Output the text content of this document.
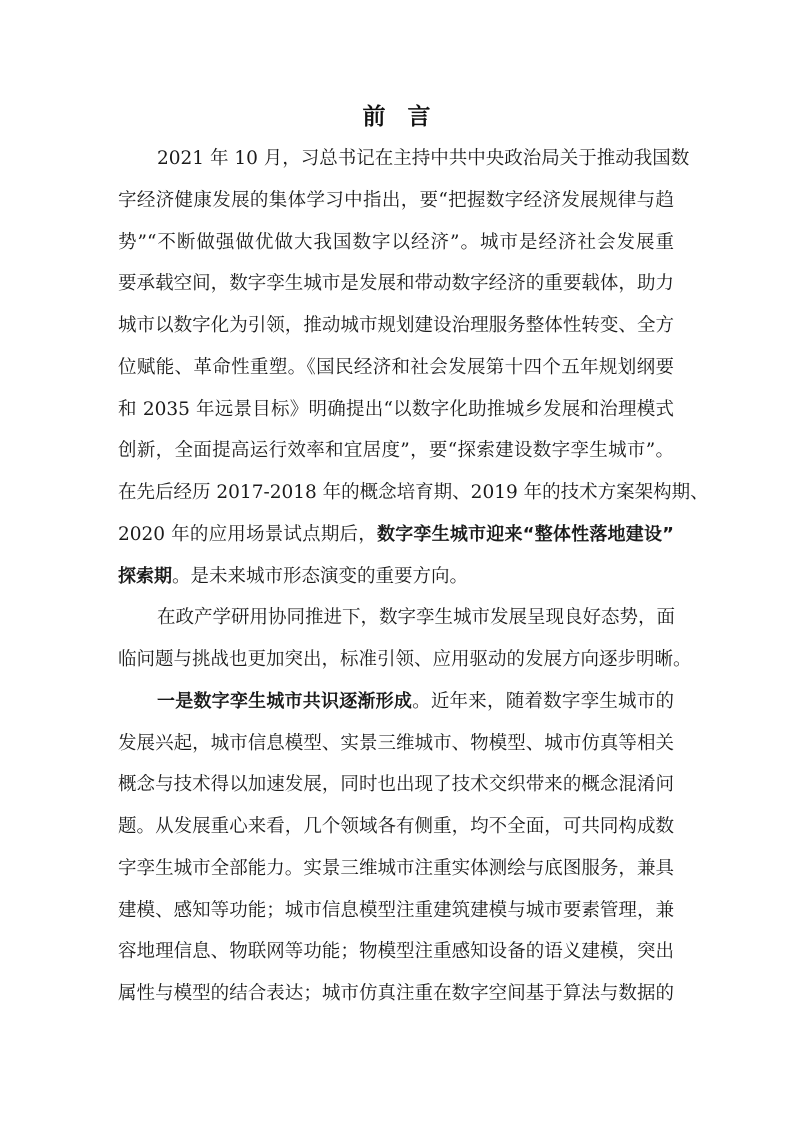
前言
2021 年 10 月，习总书记在主持中共中央政治局关于推动我国数
字经济健康发展的集体学习中指出，要“把握数字经济发展规律与趋
势”“不断做强做优做大我国数字以经济”。城市是经济社会发展重
要承载空间，数字孪生城市是发展和带动数字经济的重要载体，助力
城市以数字化为引领，推动城市规划建设治理服务整体性转变、全方
位赋能、革命性重塑。《国民经济和社会发展第十四个五年规划纲要
和 2035 年远景目标》明确提出“以数字化助推城乡发展和治理模式
创新，全面提高运行效率和宜居度”，要“探索建设数字孪生城市”。
在先后经历 2017-2018 年的概念培育期、2019 年的技术方案架构期、
2020 年的应用场景试点期后，数字孪生城市迎来“整体性落地建设”
探索期。是未来城市形态演变的重要方向。
在政产学研用协同推进下，数字孪生城市发展呈现良好态势，面
临问题与挑战也更加突出，标准引领、应用驱动的发展方向逐步明晰。
一是数字孪生城市共识逐渐形成。近年来，随着数字孪生城市的
发展兴起，城市信息模型、实景三维城市、物模型、城市仿真等相关
概念与技术得以加速发展，同时也出现了技术交织带来的概念混淆问
题。从发展重心来看，几个领域各有侧重，均不全面，可共同构成数
字孪生城市全部能力。实景三维城市注重实体测绘与底图服务，兼具
建模、感知等功能；城市信息模型注重建筑建模与城市要素管理，兼
容地理信息、物联网等功能；物模型注重感知设备的语义建模，突出
属性与模型的结合表达；城市仿真注重在数字空间基于算法与数据的
